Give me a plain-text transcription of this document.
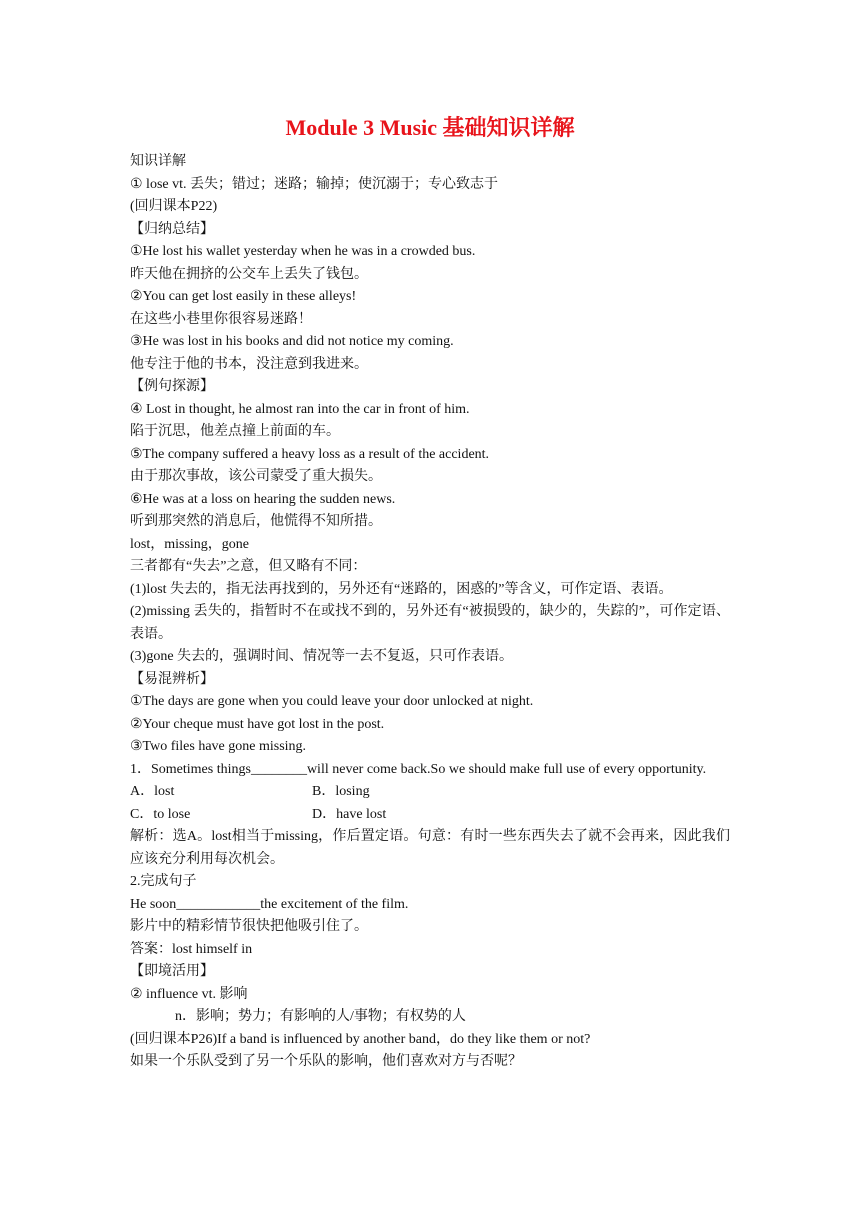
Module 3 Music 基础知识详解
知识详解
① lose vt. 丢失；错过；迷路；输掉；使沉溺于；专心致志于
(回归课本P22)
【归纳总结】
①He lost his wallet yesterday when he was in a crowded bus.
昨天他在拥挤的公交车上丢失了钱包。
②You can get lost easily in these alleys!
在这些小巷里你很容易迷路！
③He was lost in his books and did not notice my coming.
他专注于他的书本，没注意到我进来。
【例句探源】
④ Lost in thought, he almost ran into the car in front of him.
陷于沉思，他差点撞上前面的车。
⑤The company suffered a heavy loss as a result of the accident.
由于那次事故，该公司蒙受了重大损失。
⑥He was at a loss on hearing the sudden news.
听到那突然的消息后，他慌得不知所措。
lost，missing，gone
三者都有“失去”之意，但又略有不同：
(1)lost 失去的，指无法再找到的，另外还有“迷路的，困惑的”等含义，可作定语、表语。
(2)missing 丢失的，指暂时不在或找不到的，另外还有“被损毁的，缺少的，失踪的”，可作定语、表语。
(3)gone 失去的，强调时间、情况等一去不复返，只可作表语。
【易混辨析】
①The days are gone when you could leave your door unlocked at night.
②Your cheque must have got lost in the post.
③Two files have gone missing.
1．Sometimes things________will never come back.So we should make full use of every opportunity.
A．lost	B．losing
C．to lose	D．have lost
解析：选A。lost相当于missing，作后置定语。句意：有时一些东西失去了就不会再来，因此我们应该充分利用每次机会。
2.完成句子
He soon____________the excitement of the film.
影片中的精彩情节很快把他吸引住了。
答案：lost himself in
【即境活用】
② influence vt. 影响
n．影响；势力；有影响的人/事物；有权势的人
(回归课本P26)If a band is influenced by another band，do they like them or not?
如果一个乐队受到了另一个乐队的影响，他们喜欢对方与否呢？
